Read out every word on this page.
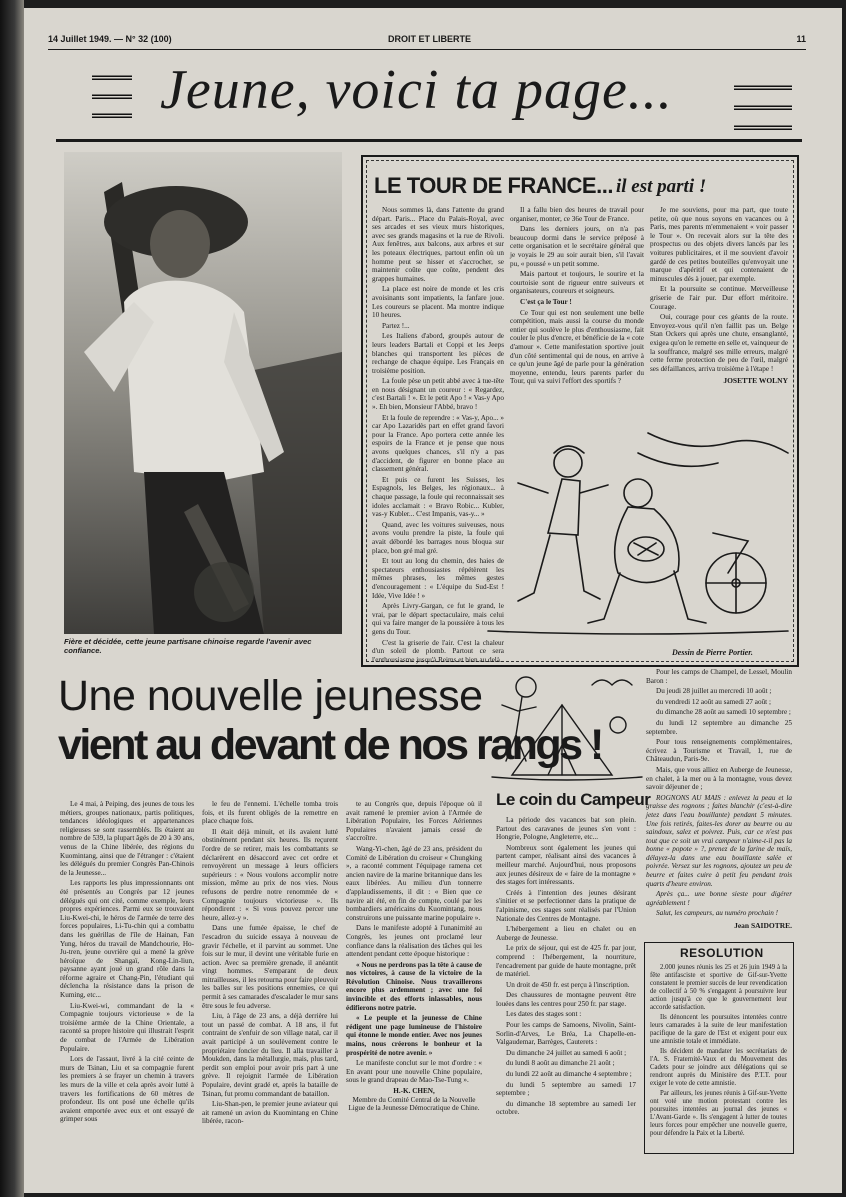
14 Juillet 1949. — N° 32 (100)	DROIT ET LIBERTE	11
Jeune, voici ta page...
Fière et décidée, cette jeune partisane chinoise regarde l'avenir avec confiance.
LE TOUR DE FRANCE... il est parti !

Nous sommes là, dans l'attente du grand départ. Paris... Place du Palais-Royal, avec ses arcades et ses vieux murs historiques, avec ses grands magasins et la rue de Rivoli. Aux fenêtres, aux balcons, aux arbres et sur les poteaux électriques, partout enfin où un homme peut se hisser et s'accrocher, se maintenir coûte que coûte, pendent des grappes humaines.

La place est noire de monde et les cris avoisinants sont impatients, la fanfare joue. Les coureurs se placent. Ma montre indique 10 heures.

Partez !...

Les Italiens d'abord, groupés autour de leurs leaders Bartali et Coppi et les Jeeps blanches qui transportent les pièces de rechange de chaque équipe. Les Français en troisième position.

La foule pèse un petit abbé avec à tue-tête en nous désignant un coureur : « Regardez, c'est Bartali ! ». Et le petit Apo ! « Vas-y Apo ». Eh bien, Monsieur l'Abbé, bravo !

Et la foule de reprendre : « Vas-y, Apo... » car Apo Lazaridès part en effet grand favori pour la France. Apo portera cette année les espoirs de la France et je pense que nous avons quelques chances, s'il n'y a pas d'accident, de figurer en bonne place au classement général.

Et puis ce furent les Suisses, les Espagnols, les Belges, les régionaux... à chaque passage, la foule qui reconnaissait ses idoles acclamait : « Bravo Robic... Kubler, vas-y Kubler... C'est Impanis, vas-y... »

Quand, avec les voitures suiveuses, nous avons voulu prendre la piste, la foule qui avait débordé les barrages nous bloqua sur place, bon gré mal gré.

Et tout au long du chemin, des haies de spectateurs enthousiastes répétèrent les mêmes phrases, les mêmes gestes d'encouragement : « L'équipe du Sud-Est ! Idée, Vive Idée ! »

Après Livry-Gargan, ce fut le grand, le vrai, par le départ spectaculaire, mais celui qui va faire manger de la poussière à tous les gens du Tour.

C'est la griserie de l'air. C'est la chaleur d'un soleil de plomb. Partout ce sera l'enthousiasme jusqu'à Reims et bien au delà.

Il a fallu bien des heures de travail pour organiser, monter, ce 36e Tour de France.

Dans les derniers jours, on n'a pas beaucoup dormi dans le service préposé à cette organisation et le secrétaire général que je voyais le 29 au soir aurait bien, s'il l'avait pu, « poussé » un petit somme.

Mais partout et toujours, le sourire et la courtoisie sont de rigueur entre suiveurs et organisateurs, coureurs et soigneurs.

C'est ça le Tour !

Ce Tour qui est non seulement une belle compétition, mais aussi la course du monde entier qui soulève le plus d'enthousiasme, fait couler le plus d'encre, et bénéficie de la « cote d'amour ». Cette manifestation sportive jouit d'un côté sentimental qui de nous, en arrive à ce qu'un jeune âgé de parle pour la génération moyenne, entendu, leurs parents parler du Tour, qui va suivi l'effort des sportifs ?

Je me souviens, pour ma part, que toute petite, où que nous soyons en vacances ou à Paris, mes parents m'emmenaient « voir passer le Tour ». On recevait alors sur la tête des prospectus ou des objets divers lancés par les voitures publicitaires, et il me souvient d'avoir gardé de ces petites bouteilles qu'envoyait une marque d'apéritif et qui contenaient de minuscules dés à jouer, par exemple.

Et la poursuite se continue. Merveilleuse griserie de l'air pur. Dur effort méritoire. Courage.

Oui, courage pour ces géants de la route. Envoyez-vous qu'il n'en faillit pas un. Belge Stan Ockers qui après une chute, ensanglanté, exigea qu'on le remette en selle et, vainqueur de la souffrance, malgré ses mille erreurs, malgré cette ferme protection de peu de l'œil, malgré ses défaillances, arriva troisième à l'étape !

JOSETTE WOLNY
Dessin de Pierre Portier.
Une nouvelle jeunesse
vient au devant de nos rangs !

Le 4 mai, à Peiping, des jeunes de tous les métiers, groupes nationaux, partis politiques, tendances idéologiques et appartenances religieuses se sont rassemblés. Ils étaient au nombre de 539, la plupart âgés de 20 à 30 ans, venus de la Chine libérée, des régions du Kuomintang, ainsi que de l'étranger : c'étaient les délégués du premier Congrès Pan-Chinois de la Jeunesse...

Les rapports les plus impressionnants ont été présentés au Congrès par 12 jeunes délégués qui ont cité, comme exemple, leurs propres expériences. Parmi eux se trouvaient Liu-Kwei-chi, le héros de l'armée de terre des forces populaires, Li-Tu-chin qui a combattu dans les guérillas de l'île de Hainan, Fan Yung, héros du travail de Mandchourie, Ho-Ju-tren, jeune ouvrière qui a mené la grève héroïque de Shangaï, Kong-Lin-liun, paysanne ayant joué un grand rôle dans la réforme agraire et Chang-Pin, l'étudiant qui déclencha la résistance dans la prison de Kuming, etc...

Liu-Kwei-wi, commandant de la « Compagnie toujours victorieuse » de la troisième armée de la Chine Orientale, a raconté sa propre histoire qui illustrait l'esprit de combat de l'Armée de Libération Populaire.

Lors de l'assaut, livré à la cité ceinte de murs de Tsinan, Liu et sa compagnie furent les premiers à se frayer un chemin à travers les murs de la ville et cela après avoir lutté à travers les fortifications de 60 mètres de profondeur. Ils ont posé une échelle qu'ils avaient emportée avec eux et ont essayé de grimper sous

le feu de l'ennemi. L'échelle tomba trois fois, et ils furent obligés de la remettre en place chaque fois.

Il était déjà minuit, et ils avaient lutté obstinément pendant six heures. Ils reçurent l'ordre de se retirer, mais les combattants se déclarèrent en désaccord avec cet ordre et renvoyèrent un message à leurs officiers supérieurs : « Nous voulons accomplir notre mission, même au prix de nos vies. Nous refusons de perdre notre renommée de « Compagnie toujours victorieuse ». Ils répondirent : « Si vous pouvez percer une heure, allez-y ».

Dans une fumée épaisse, le chef de l'escadron du suicide essaya à nouveau de gravir l'échelle, et il parvint au sommet. Une fois sur le mur, il devint une véritable furie en action. Avec sa première grenade, il anéantit vingt hommes. S'emparant de deux mitrailleuses, il les retourna pour faire pleuvoir les balles sur les positions ennemies, ce qui permit à ses camarades d'escalader le mur sans être sous le feu adverse.

Liu, à l'âge de 23 ans, a déjà derrière lui tout un passé de combat. A 18 ans, il fut contraint de s'enfuir de son village natal, car il avait participé à un soulèvement contre le propriétaire foncier du lieu. Il alla travailler à Moukden, dans la métallurgie, mais, plus tard, perdit son emploi pour avoir pris part à une grève. Il rejoignit l'armée de Libération Populaire, devint gradé et, après la bataille de Tsinan, fut promu commandant de bataillon.

Liu-Shan-pen, le premier jeune aviateur qui ait ramené un avion du Kuomintang en Chine libérée, racon-

te au Congrès que, depuis l'époque où il avait ramené le premier avion à l'Armée de Libération Populaire, les Forces Aériennes Populaires n'avaient jamais cessé de s'accroître.

Wang-Yi-chen, âgé de 23 ans, président du Comité de Libération du croiseur « Chungking », a raconté comment l'équipage ramena cet ancien navire de la marine britannique dans les eaux libérées. Au milieu d'un tonnerre d'applaudissements, il dit : « Bien que ce navire ait été, en fin de compte, coulé par les bombardiers américains du Kuomintang, nous construirons une puissante marine populaire ».

Dans le manifeste adopté à l'unanimité au Congrès, les jeunes ont proclamé leur confiance dans la réalisation des tâches qui les attendent pendant cette époque historique :

« Nous ne perdrons pas la tête à cause de nos victoires, à cause de la victoire de la Révolution Chinoise. Nous travaillerons encore plus ardemment ; avec une foi invincible et des efforts inlassables, nous édifierons notre patrie.

« Le peuple et la jeunesse de Chine rédigent une page lumineuse de l'histoire qui étonne le monde entier. Avec nos jeunes mains, nous créerons le bonheur et la prospérité de notre avenir. »

Le manifeste conclut sur le mot d'ordre : « En avant pour une nouvelle Chine populaire, sous le grand drapeau de Mao-Tse-Tung ».

H.-K. CHEN,
Membre du Comité Central de la Nouvelle Ligue de la Jeunesse Démocratique de Chine.
Le coin du Campeur

La période des vacances bat son plein. Partout des caravanes de jeunes s'en vont : Hongrie, Pologne, Angleterre, etc...

Nombreux sont également les jeunes qui partent camper, réalisant ainsi des vacances à meilleur marché. Aujourd'hui, nous proposons aux jeunes désireux de « faire de la montagne » des stages fort intéressants.

Créés à l'intention des jeunes désirant s'initier et se perfectionner dans la pratique de l'alpinisme, ces stages sont réalisés par l'Union Nationale des Centres de Montagne.

L'hébergement a lieu en chalet ou en Auberge de Jeunesse.

Le prix de séjour, qui est de 425 fr. par jour, comprend : l'hébergement, la nourriture, l'encadrement par guide de haute montagne, prêt de matériel.

Un droit de 450 fr. est perçu à l'inscription.

Des chaussures de montagne peuvent être louées dans les centres pour 250 fr. par stage.

Les dates des stages sont :

Pour les camps de Samoens, Nivolin, Saint-Sorlin-d'Arves, Le Bréa, La Chapelle-en-Valgaudemar, Barrèges, Cauterets :

Du dimanche 24 juillet au samedi 6 août ;

du lundi 8 août au dimanche 21 août ;

du lundi 22 août au dimanche 4 septembre ;

du lundi 5 septembre au samedi 17 septembre ;

du dimanche 18 septembre au samedi 1er octobre.

Pour les camps de Champel, de Lessel, Moulin Baron :

Du jeudi 28 juillet au mercredi 10 août ;

du vendredi 12 août au samedi 27 août ;

du dimanche 28 août au samedi 10 septembre ;

du lundi 12 septembre au dimanche 25 septembre.

Pour tous renseignements complémentaires, écrivez à Tourisme et Travail, 1, rue de Châteaudun, Paris-9e.

Mais, que vous alliez en Auberge de Jeunesse, en chalet, à la mer ou à la montagne, vous devez savoir déjeuner de ;

ROGNONS AU MAIS : enlevez la peau et la graisse des rognons ; faites blanchir (c'est-à-dire jetez dans l'eau bouillante) pendant 5 minutes. Une fois retirés, faites-les dorer au beurre ou au saindoux, salez et poivrez. Puis, car ce n'est pas tout que ce soit un vrai campeur n'aime-t-il pas la bonne « popote » ?, prenez de la farine de maïs, délayez-la dans une eau bouillante salée et poivrée. Versez sur les rognons, ajoutez un peu de beurre et faites cuire à petit feu pendant trois quarts d'heure environ.

Après ça... une bonne sieste pour digérer agréablement !

Salut, les campeurs, au numéro prochain !

Jean SAIDOTRE.
RESOLUTION

2.000 jeunes réunis les 25 et 26 juin 1949 à la fête antifasciste et sportive de Gif-sur-Yvette constatent le premier succès de leur revendication de collectif à 50 % s'engagent à poursuivre leur action jusqu'à ce que le gouvernement leur accorde satisfaction.

Ils dénoncent les poursuites intentées contre leurs camarades à la suite de leur manifestation pacifique de la gare de l'Est et exigent pour eux une amnistie totale et immédiate.

Ils décident de mandater les secrétariats de l'A. S. Fraternité-Vaux et du Mouvement des Cadets pour se joindre aux délégations qui se rendront auprès du Ministère des P.T.T. pour exiger le vote de cette amnistie.

Par ailleurs, les jeunes réunis à Gif-sur-Yvette ont voté une motion protestant contre les poursuites intentées au journal des jeunes « L'Avant-Garde ». Ils s'engagent à lutter de toutes leurs forces pour empêcher une nouvelle guerre, pour défendre la Paix et la Liberté.
